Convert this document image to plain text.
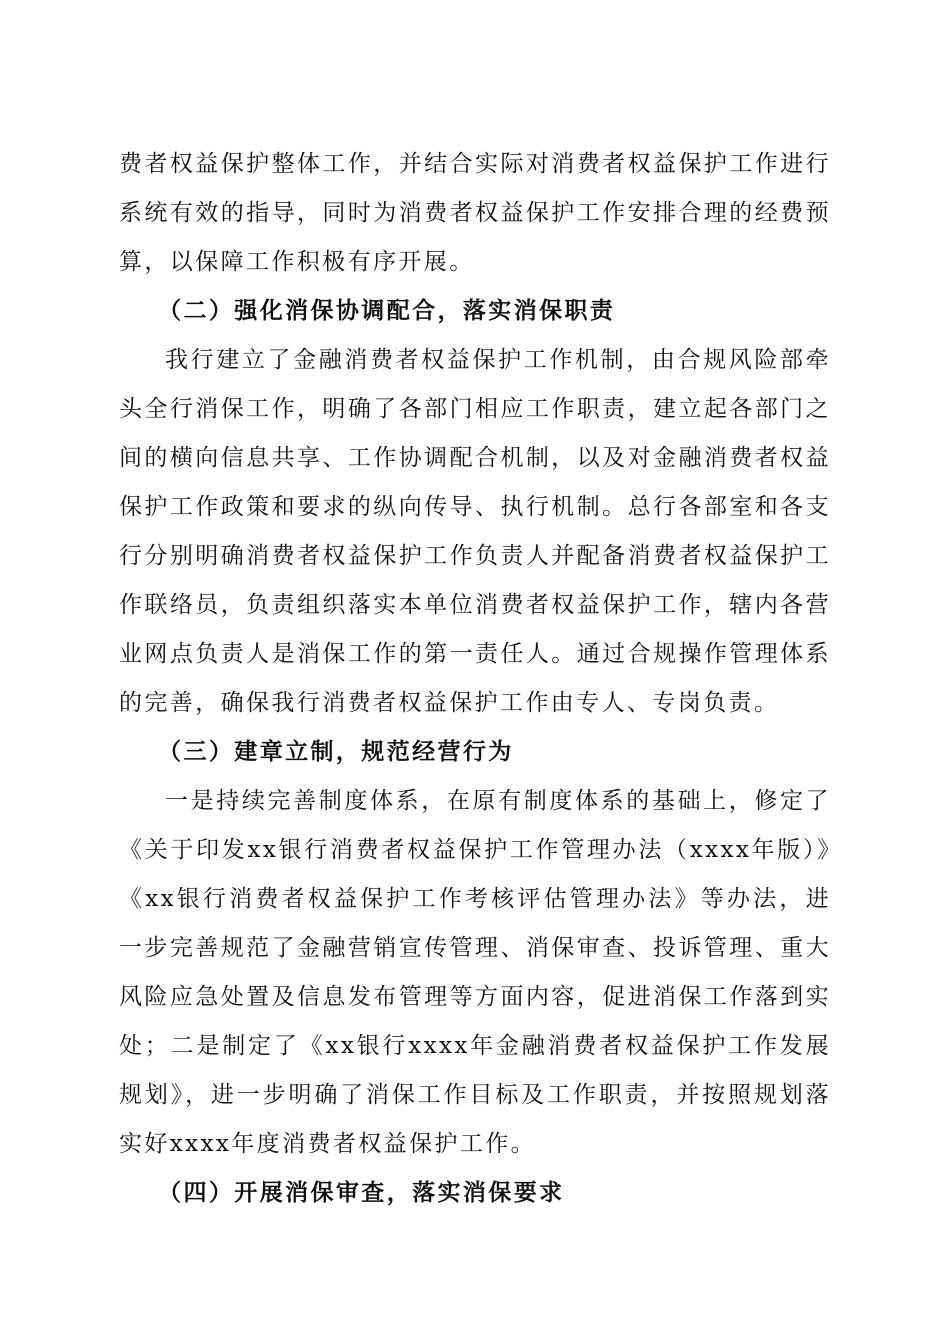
费者权益保护整体工作，并结合实际对消费者权益保护工作进行系统有效的指导，同时为消费者权益保护工作安排合理的经费预算，以保障工作积极有序开展。

（二）强化消保协调配合，落实消保职责

我行建立了金融消费者权益保护工作机制，由合规风险部牵头全行消保工作，明确了各部门相应工作职责，建立起各部门之间的横向信息共享、工作协调配合机制，以及对金融消费者权益保护工作政策和要求的纵向传导、执行机制。总行各部室和各支行分别明确消费者权益保护工作负责人并配备消费者权益保护工作联络员，负责组织落实本单位消费者权益保护工作，辖内各营业网点负责人是消保工作的第一责任人。通过合规操作管理体系的完善，确保我行消费者权益保护工作由专人、专岗负责。

（三）建章立制，规范经营行为

一是持续完善制度体系，在原有制度体系的基础上，修定了《关于印发xx银行消费者权益保护工作管理办法（xxxx年版）》《xx银行消费者权益保护工作考核评估管理办法》等办法，进一步完善规范了金融营销宣传管理、消保审查、投诉管理、重大风险应急处置及信息发布管理等方面内容，促进消保工作落到实处；二是制定了《xx银行xxxx年金融消费者权益保护工作发展规划》，进一步明确了消保工作目标及工作职责，并按照规划落实好xxxx年度消费者权益保护工作。

（四）开展消保审查，落实消保要求
